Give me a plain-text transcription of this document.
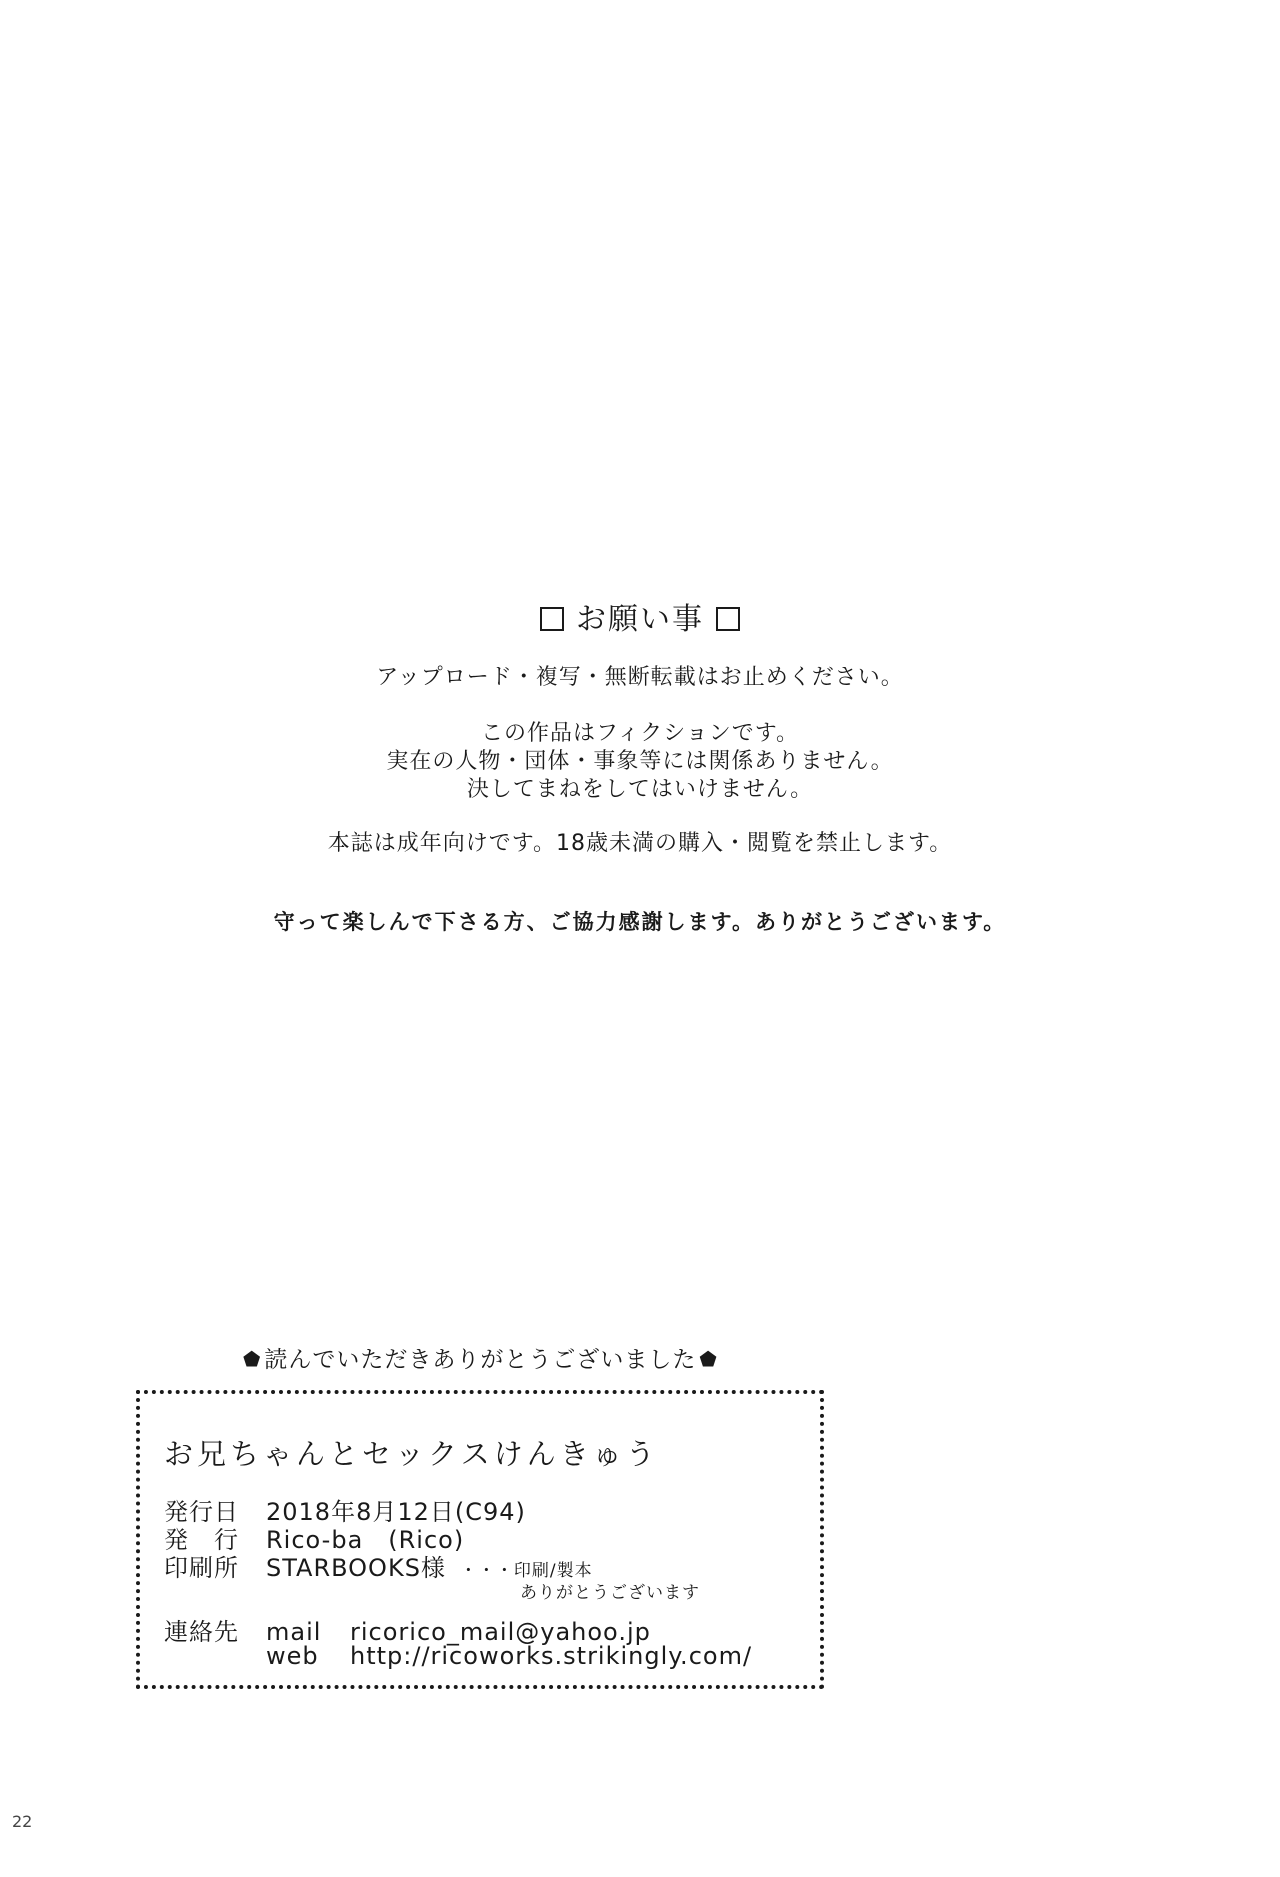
お願い事
アップロード・複写・無断転載はお止めください。
この作品はフィクションです。
実在の人物・団体・事象等には関係ありません。
決してまねをしてはいけません。
本誌は成年向けです。18歳未満の購入・閲覧を禁止します。
守って楽しんで下さる方、ご協力感謝します。ありがとうございます。
⬟ 読んでいただきありがとうございました ⬟
お兄ちゃんとセックスけんきゅう
発行日 2018年8月12日(C94)
発　行 Rico-ba　(Rico)
印刷所 STARBOOKS様 ・・・印刷/製本
ありがとうございます
連絡先 mail ricorico_mail@yahoo.jp
web http://ricoworks.strikingly.com/
22
